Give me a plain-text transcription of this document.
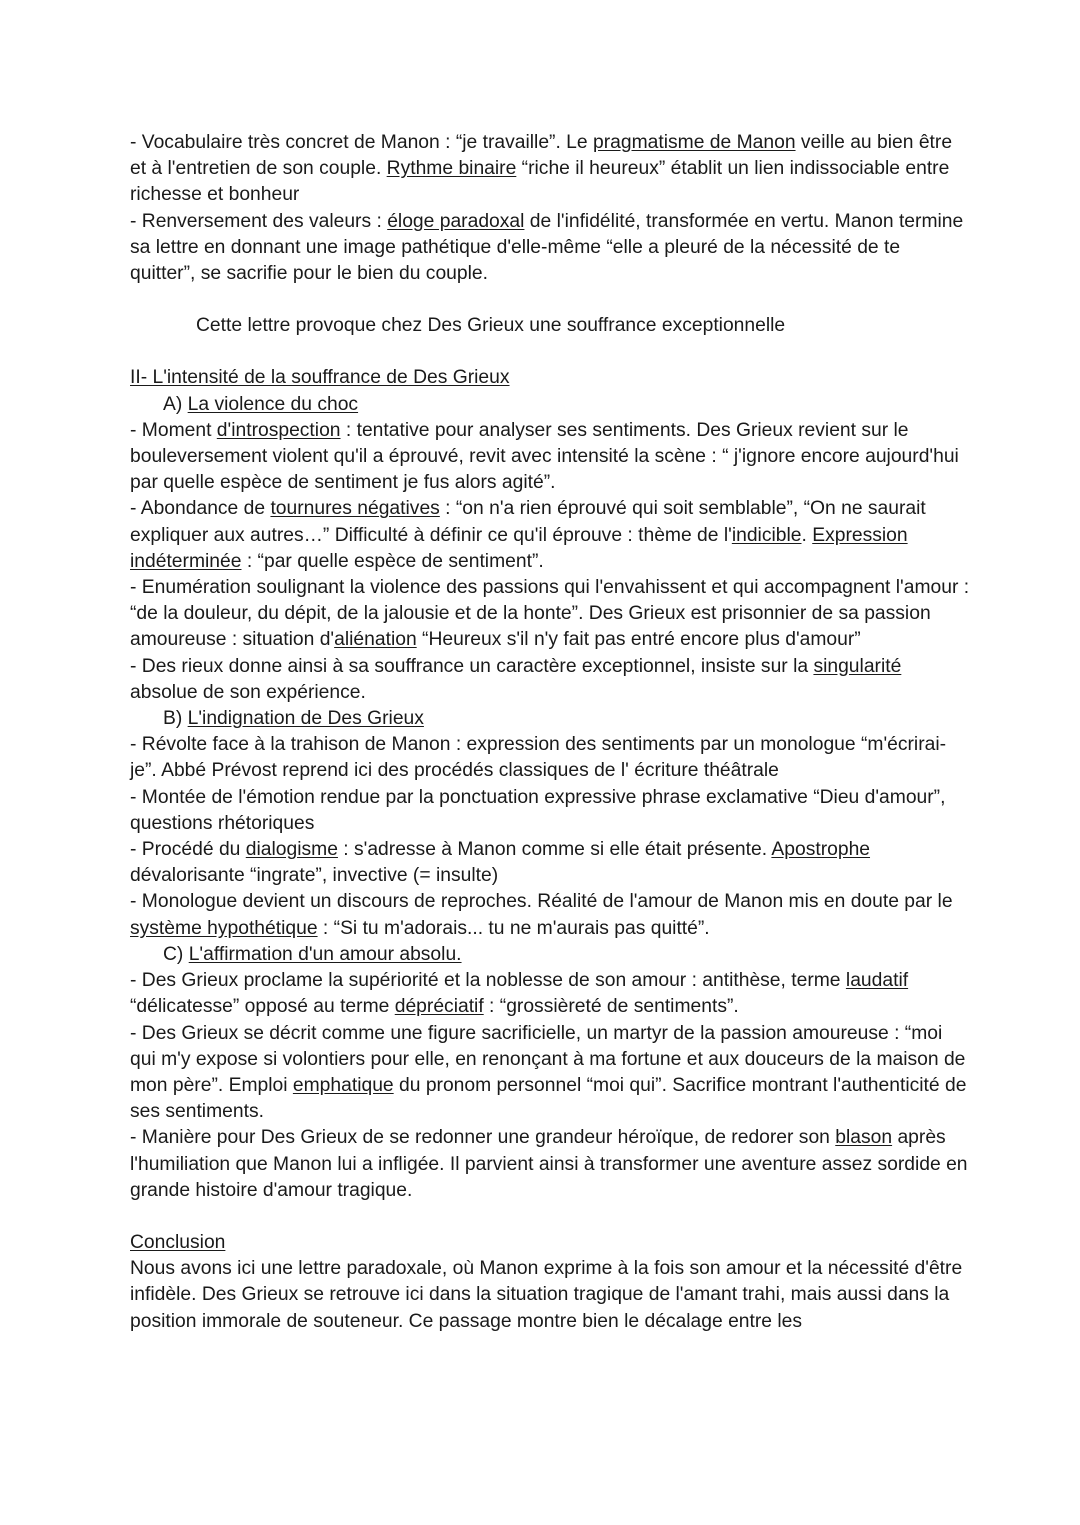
- Vocabulaire très concret de Manon : “je travaille”. Le pragmatisme de Manon veille au bien être et à l'entretien de son couple. Rythme binaire “riche il heureux” établit un lien indissociable entre richesse et bonheur

- Renversement des valeurs : éloge paradoxal de l'infidélité, transformée en vertu. Manon termine sa lettre en donnant une image pathétique d'elle-même “elle a pleuré de la nécessité de te quitter”, se sacrifie pour le bien du couple.

Cette lettre provoque chez Des Grieux une souffrance exceptionnelle

II- L'intensité de la souffrance de Des Grieux

A) La violence du choc

- Moment d'introspection : tentative pour analyser ses sentiments. Des Grieux revient sur le bouleversement violent qu'il a éprouvé, revit avec intensité la scène : “ j'ignore encore aujourd'hui par quelle espèce de sentiment je fus alors agité”.

- Abondance de tournures négatives : “on n'a rien éprouvé qui soit semblable”, “On ne saurait expliquer aux autres…” Difficulté à définir ce qu'il éprouve : thème de l'indicible. Expression indéterminée : “par quelle espèce de sentiment”.

- Enumération soulignant la violence des passions qui l'envahissent et qui accompagnent l'amour : “de la douleur, du dépit, de la jalousie et de la honte”. Des Grieux est prisonnier de sa passion amoureuse : situation d'aliénation “Heureux s'il n'y fait pas entré encore plus d'amour”

- Des rieux donne ainsi à sa souffrance un caractère exceptionnel, insiste sur la singularité absolue de son expérience.

B) L'indignation de Des Grieux

- Révolte face à la trahison de Manon : expression des sentiments par un monologue “m'écrirai-je”. Abbé Prévost reprend ici des procédés classiques de l' écriture théâtrale

- Montée de l'émotion rendue par la ponctuation expressive phrase exclamative “Dieu d'amour”, questions rhétoriques

- Procédé du dialogisme : s'adresse à Manon comme si elle était présente. Apostrophe dévalorisante “ingrate”, invective (= insulte)

- Monologue devient un discours de reproches. Réalité de l'amour de Manon mis en doute par le système hypothétique : “Si tu m'adorais... tu ne m'aurais pas quitté”.

C) L'affirmation d'un amour absolu.

- Des Grieux proclame la supériorité et la noblesse de son amour : antithèse, terme laudatif “délicatesse” opposé au terme dépréciatif : “grossièreté de sentiments”.

- Des Grieux se décrit comme une figure sacrificielle, un martyr de la passion amoureuse : “moi qui m'y expose si volontiers pour elle, en renonçant à ma fortune et aux douceurs de la maison de mon père”. Emploi emphatique du pronom personnel “moi qui”. Sacrifice montrant l'authenticité de ses sentiments.

- Manière pour Des Grieux de se redonner une grandeur héroïque, de redorer son blason après l'humiliation que Manon lui a infligée. Il parvient ainsi à transformer une aventure assez sordide en grande histoire d'amour tragique.

Conclusion

Nous avons ici une lettre paradoxale, où Manon exprime à la fois son amour et la nécessité d'être infidèle. Des Grieux se retrouve ici dans la situation tragique de l'amant trahi, mais aussi dans la position immorale de souteneur. Ce passage montre bien le décalage entre les
